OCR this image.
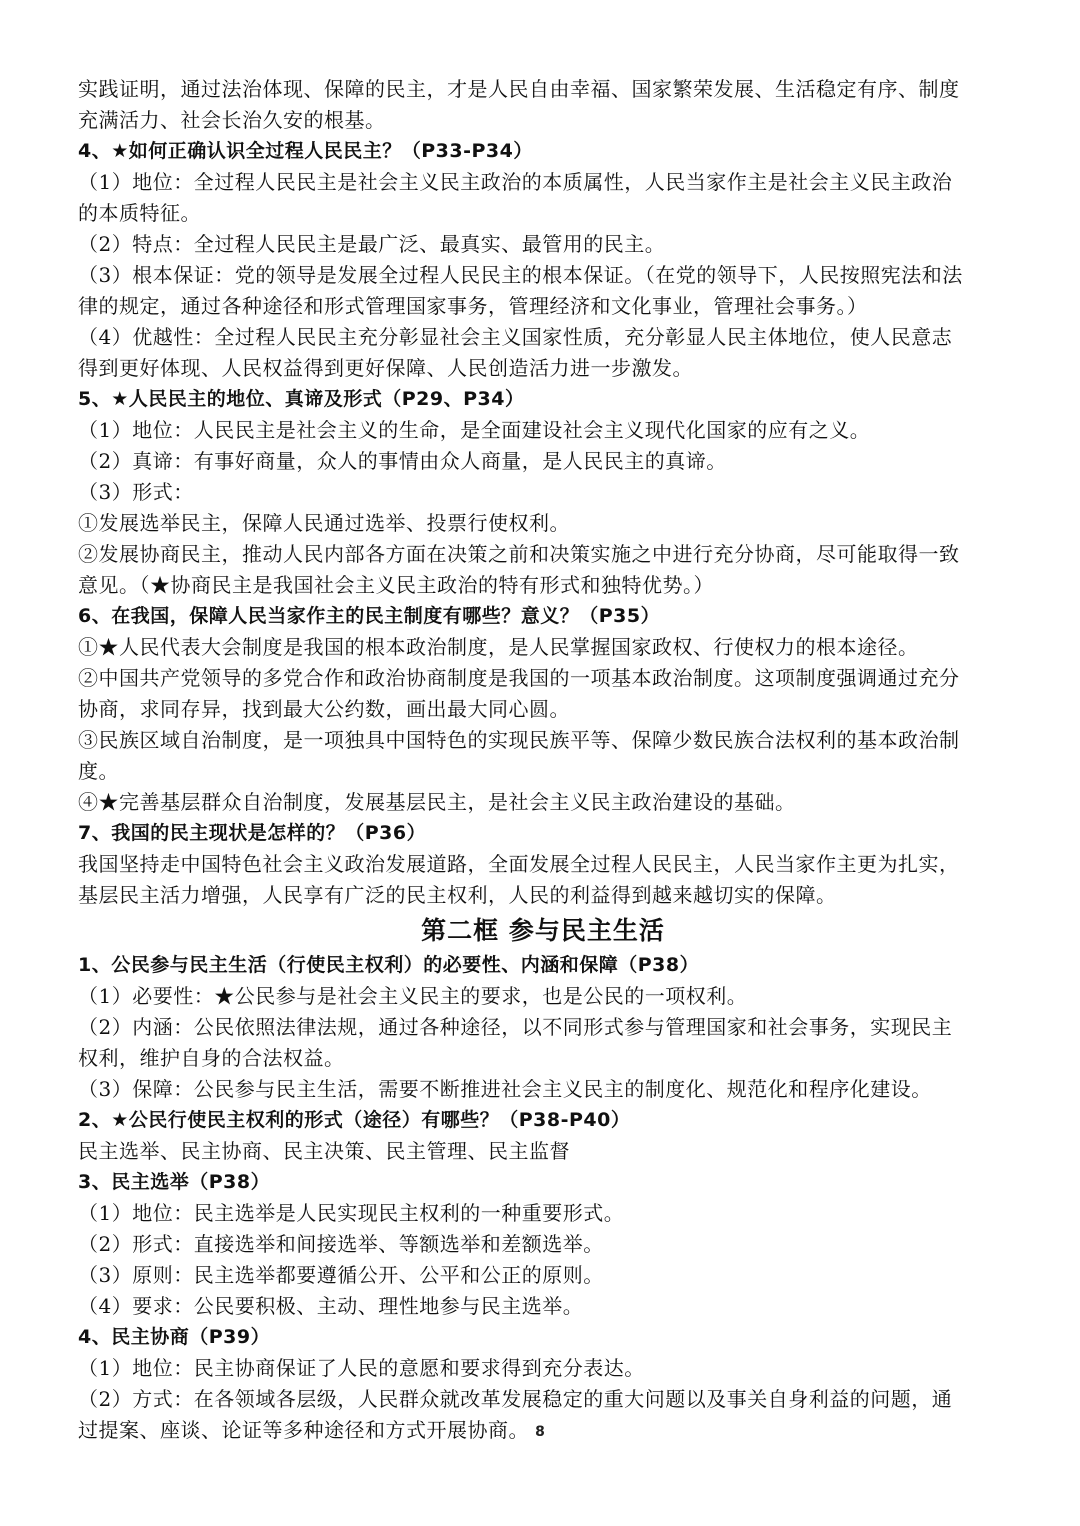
实践证明，通过法治体现、保障的民主，才是人民自由幸福、国家繁荣发展、生活稳定有序、制度
充满活力、社会长治久安的根基。
4、★如何正确认识全过程人民民主？（P33-P34）
（1）地位：全过程人民民主是社会主义民主政治的本质属性，人民当家作主是社会主义民主政治
的本质特征。
（2）特点：全过程人民民主是最广泛、最真实、最管用的民主。
（3）根本保证：党的领导是发展全过程人民民主的根本保证。（在党的领导下，人民按照宪法和法
律的规定，通过各种途径和形式管理国家事务，管理经济和文化事业，管理社会事务。）
（4）优越性：全过程人民民主充分彰显社会主义国家性质，充分彰显人民主体地位，使人民意志
得到更好体现、人民权益得到更好保障、人民创造活力进一步激发。
5、★人民民主的地位、真谛及形式（P29、P34）
（1）地位：人民民主是社会主义的生命，是全面建设社会主义现代化国家的应有之义。
（2）真谛：有事好商量，众人的事情由众人商量，是人民民主的真谛。
（3）形式：
①发展选举民主，保障人民通过选举、投票行使权利。
②发展协商民主，推动人民内部各方面在决策之前和决策实施之中进行充分协商，尽可能取得一致
意见。（★协商民主是我国社会主义民主政治的特有形式和独特优势。）
6、在我国，保障人民当家作主的民主制度有哪些？意义？（P35）
①★人民代表大会制度是我国的根本政治制度，是人民掌握国家政权、行使权力的根本途径。
②中国共产党领导的多党合作和政治协商制度是我国的一项基本政治制度。这项制度强调通过充分
协商，求同存异，找到最大公约数，画出最大同心圆。
③民族区域自治制度，是一项独具中国特色的实现民族平等、保障少数民族合法权利的基本政治制
度。
④★完善基层群众自治制度，发展基层民主，是社会主义民主政治建设的基础。
7、我国的民主现状是怎样的？（P36）
我国坚持走中国特色社会主义政治发展道路，全面发展全过程人民民主，人民当家作主更为扎实，
基层民主活力增强，人民享有广泛的民主权利，人民的利益得到越来越切实的保障。
第二框 参与民主生活
1、公民参与民主生活（行使民主权利）的必要性、内涵和保障（P38）
（1）必要性：★公民参与是社会主义民主的要求，也是公民的一项权利。
（2）内涵：公民依照法律法规，通过各种途径，以不同形式参与管理国家和社会事务，实现民主
权利，维护自身的合法权益。
（3）保障：公民参与民主生活，需要不断推进社会主义民主的制度化、规范化和程序化建设。
2、★公民行使民主权利的形式（途径）有哪些？（P38-P40）
民主选举、民主协商、民主决策、民主管理、民主监督
3、民主选举（P38）
（1）地位：民主选举是人民实现民主权利的一种重要形式。
（2）形式：直接选举和间接选举、等额选举和差额选举。
（3）原则：民主选举都要遵循公开、公平和公正的原则。
（4）要求：公民要积极、主动、理性地参与民主选举。
4、民主协商（P39）
（1）地位：民主协商保证了人民的意愿和要求得到充分表达。
（2）方式：在各领域各层级，人民群众就改革发展稳定的重大问题以及事关自身利益的问题，通
过提案、座谈、论证等多种途径和方式开展协商。 8
